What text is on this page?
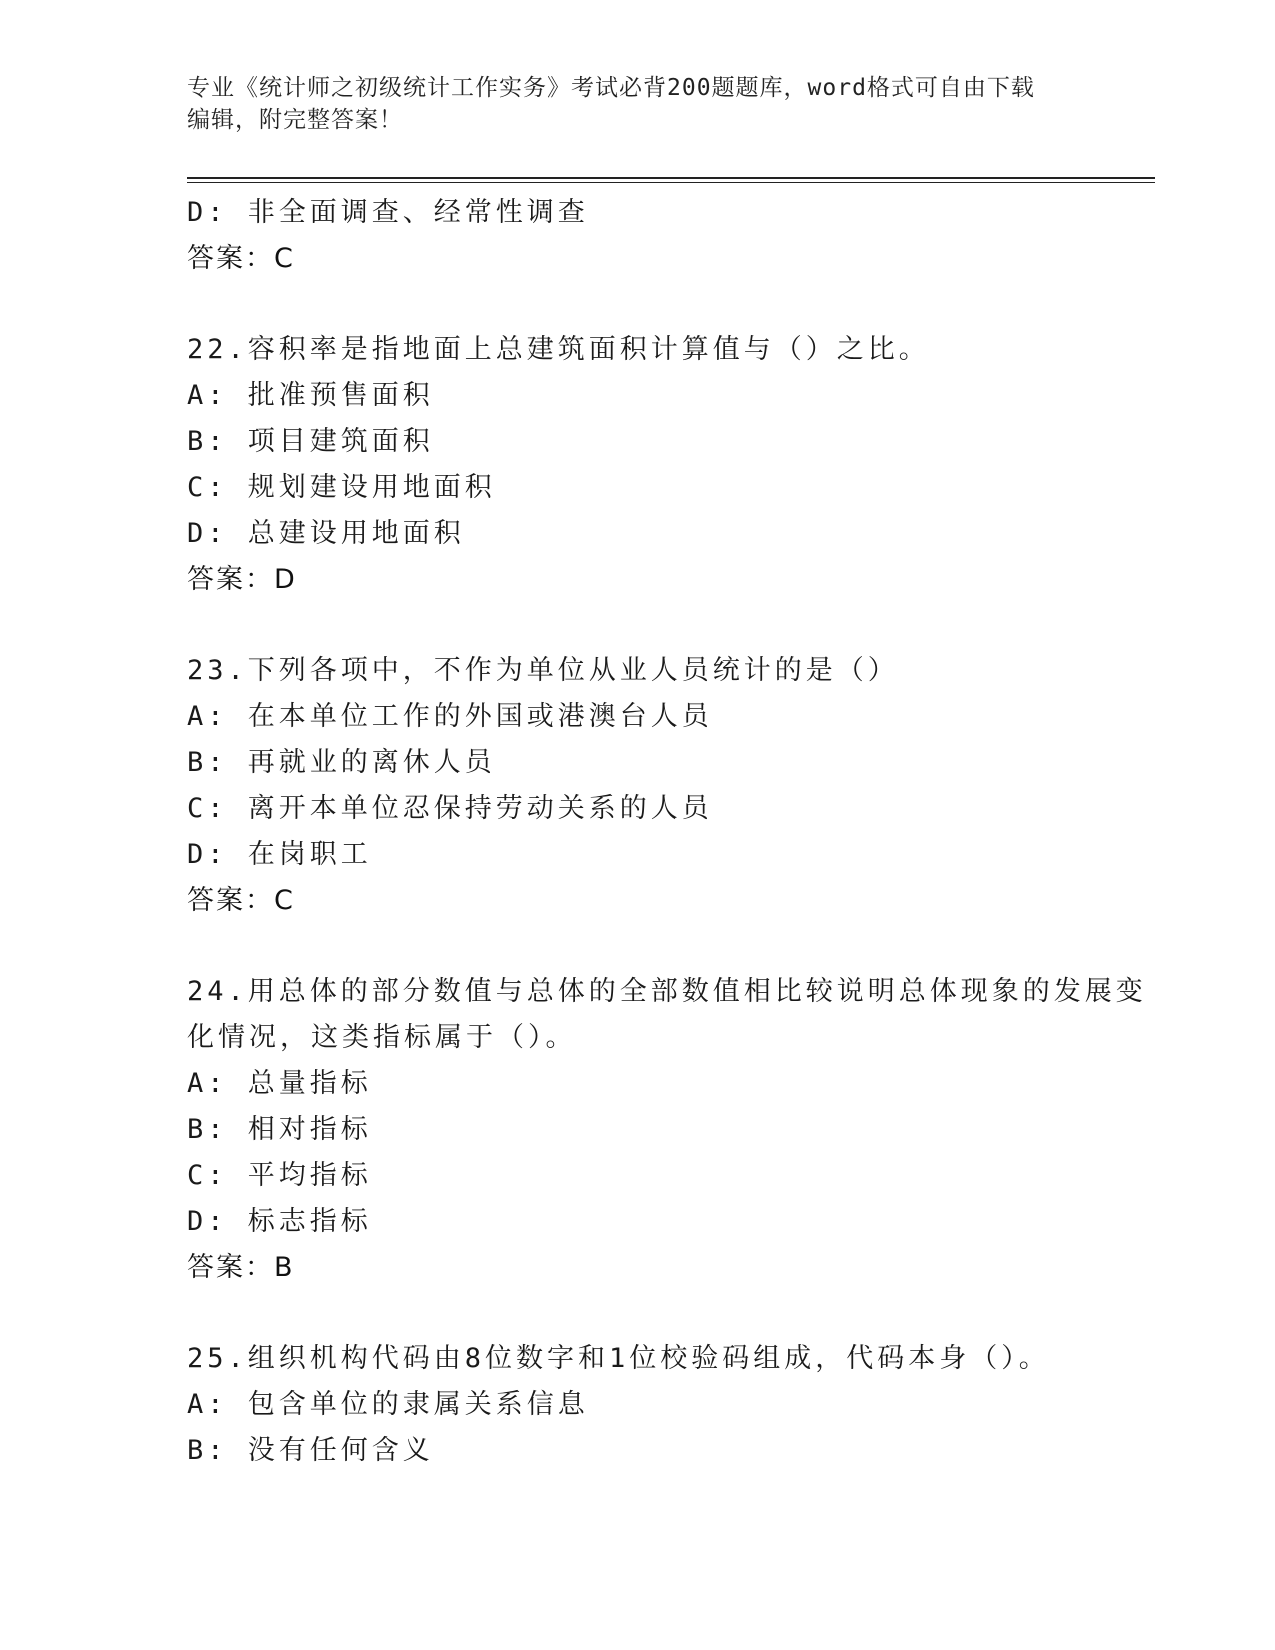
专业《统计师之初级统计工作实务》考试必背200题题库，word格式可自由下载
编辑，附完整答案！
D: 非全面调查、经常性调查
答案：C
22.容积率是指地面上总建筑面积计算值与（）之比。
A: 批准预售面积
B: 项目建筑面积
C: 规划建设用地面积
D: 总建设用地面积
答案：D
23.下列各项中，不作为单位从业人员统计的是（）
A: 在本单位工作的外国或港澳台人员
B: 再就业的离休人员
C: 离开本单位忍保持劳动关系的人员
D: 在岗职工
答案：C
24.用总体的部分数值与总体的全部数值相比较说明总体现象的发展变
化情况，这类指标属于（）。
A: 总量指标
B: 相对指标
C: 平均指标
D: 标志指标
答案：B
25.组织机构代码由8位数字和1位校验码组成，代码本身（）。
A: 包含单位的隶属关系信息
B: 没有任何含义
